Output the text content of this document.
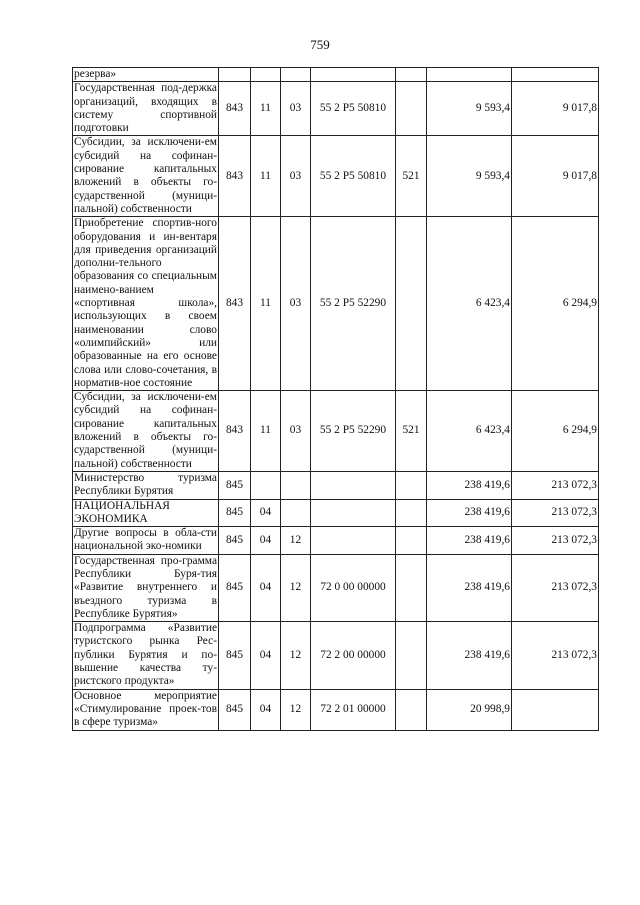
759
резерва»							
Государственная под-держка организаций, входящих в систему спортивной подготовки	843	11	03	55 2 P5 50810		9 593,4	9 017,8
Субсидии, за исключени-ем субсидий на софинан-сирование капитальных вложений в объекты го-сударственной (муници-пальной) собственности	843	11	03	55 2 P5 50810	521	9 593,4	9 017,8
Приобретение спортив-ного оборудования и ин-вентаря для приведения организаций дополни-тельного образования со специальным наимено-ванием «спортивная школа», использующих в своем наименовании слово «олимпийский» или образованные на его основе слова или слово-сочетания, в норматив-ное состояние	843	11	03	55 2 P5 52290		6 423,4	6 294,9
Субсидии, за исключени-ем субсидий на софинан-сирование капитальных вложений в объекты го-сударственной (муници-пальной) собственности	843	11	03	55 2 P5 52290	521	6 423,4	6 294,9
Министерство туризма Республики Бурятия	845					238 419,6	213 072,3
НАЦИОНАЛЬНАЯ ЭКОНОМИКА	845	04				238 419,6	213 072,3
Другие вопросы в обла-сти национальной эко-номики	845	04	12			238 419,6	213 072,3
Государственная про-грамма Республики Буря-тия «Развитие внутреннего и въездного туризма в Республике Бурятия»	845	04	12	72 0 00 00000		238 419,6	213 072,3
Подпрограмма «Развитие туристского рынка Рес-публики Бурятия и по-вышение качества ту-ристского продукта»	845	04	12	72 2 00 00000		238 419,6	213 072,3
Основное мероприятие «Стимулирование проек-тов в сфере туризма»	845	04	12	72 2 01 00000		20 998,9	
